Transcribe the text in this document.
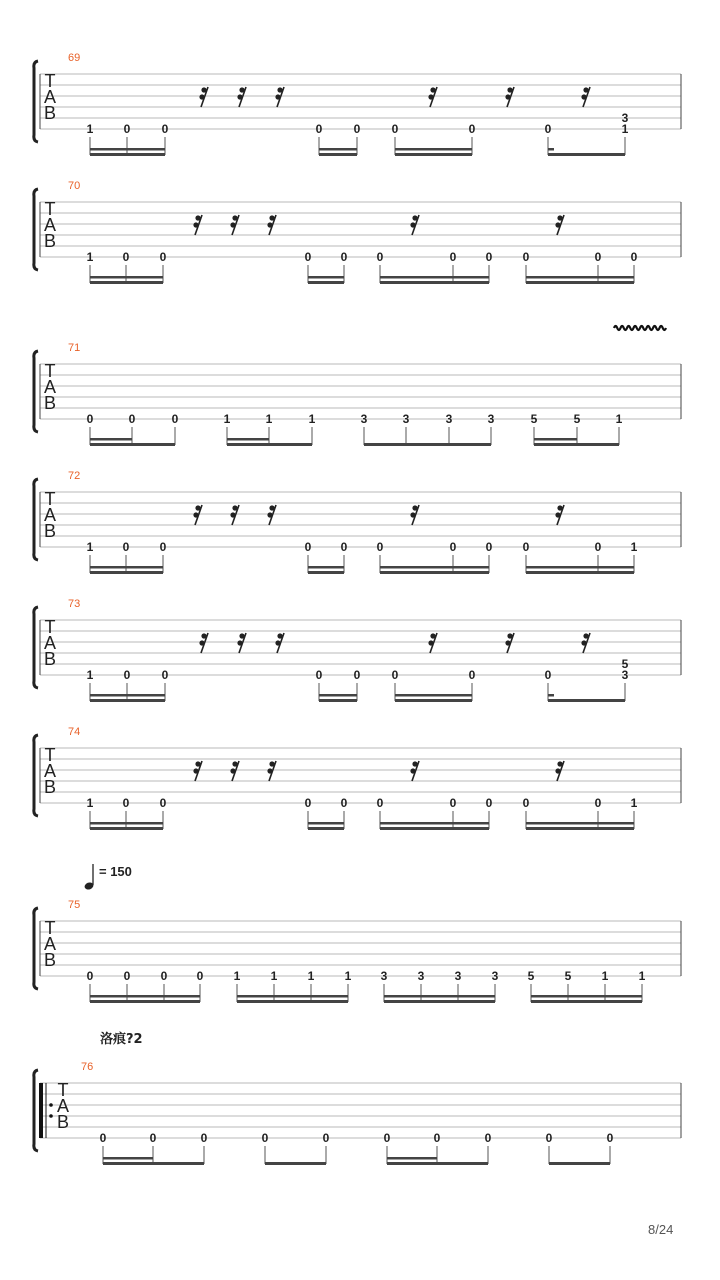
T
A
B
69
1	0	0	0	0	0	0	0	1
3
T
A
B
70
1 0	0	0 0 0	0 0	0	0 0
T
A
B
71
0	0	0	1	1	1	3	3	3	3	5	5	1
T
A
B
72
1 0	0	0 0 0	0 0	0	0 1
T
A
B
73
1	0	0	0	0	0	0	0	3
5
T
A
B
74
1 0	0	0 0 0	0 0	0	0 1
T
A
B
75
0	0	0 0	1	1	1	1 3	3	3	3 5	5	1	1
T
A
B
76
0	0	0	0	0	0	0	0	0	0
= 150
洛痕?2
8/24
